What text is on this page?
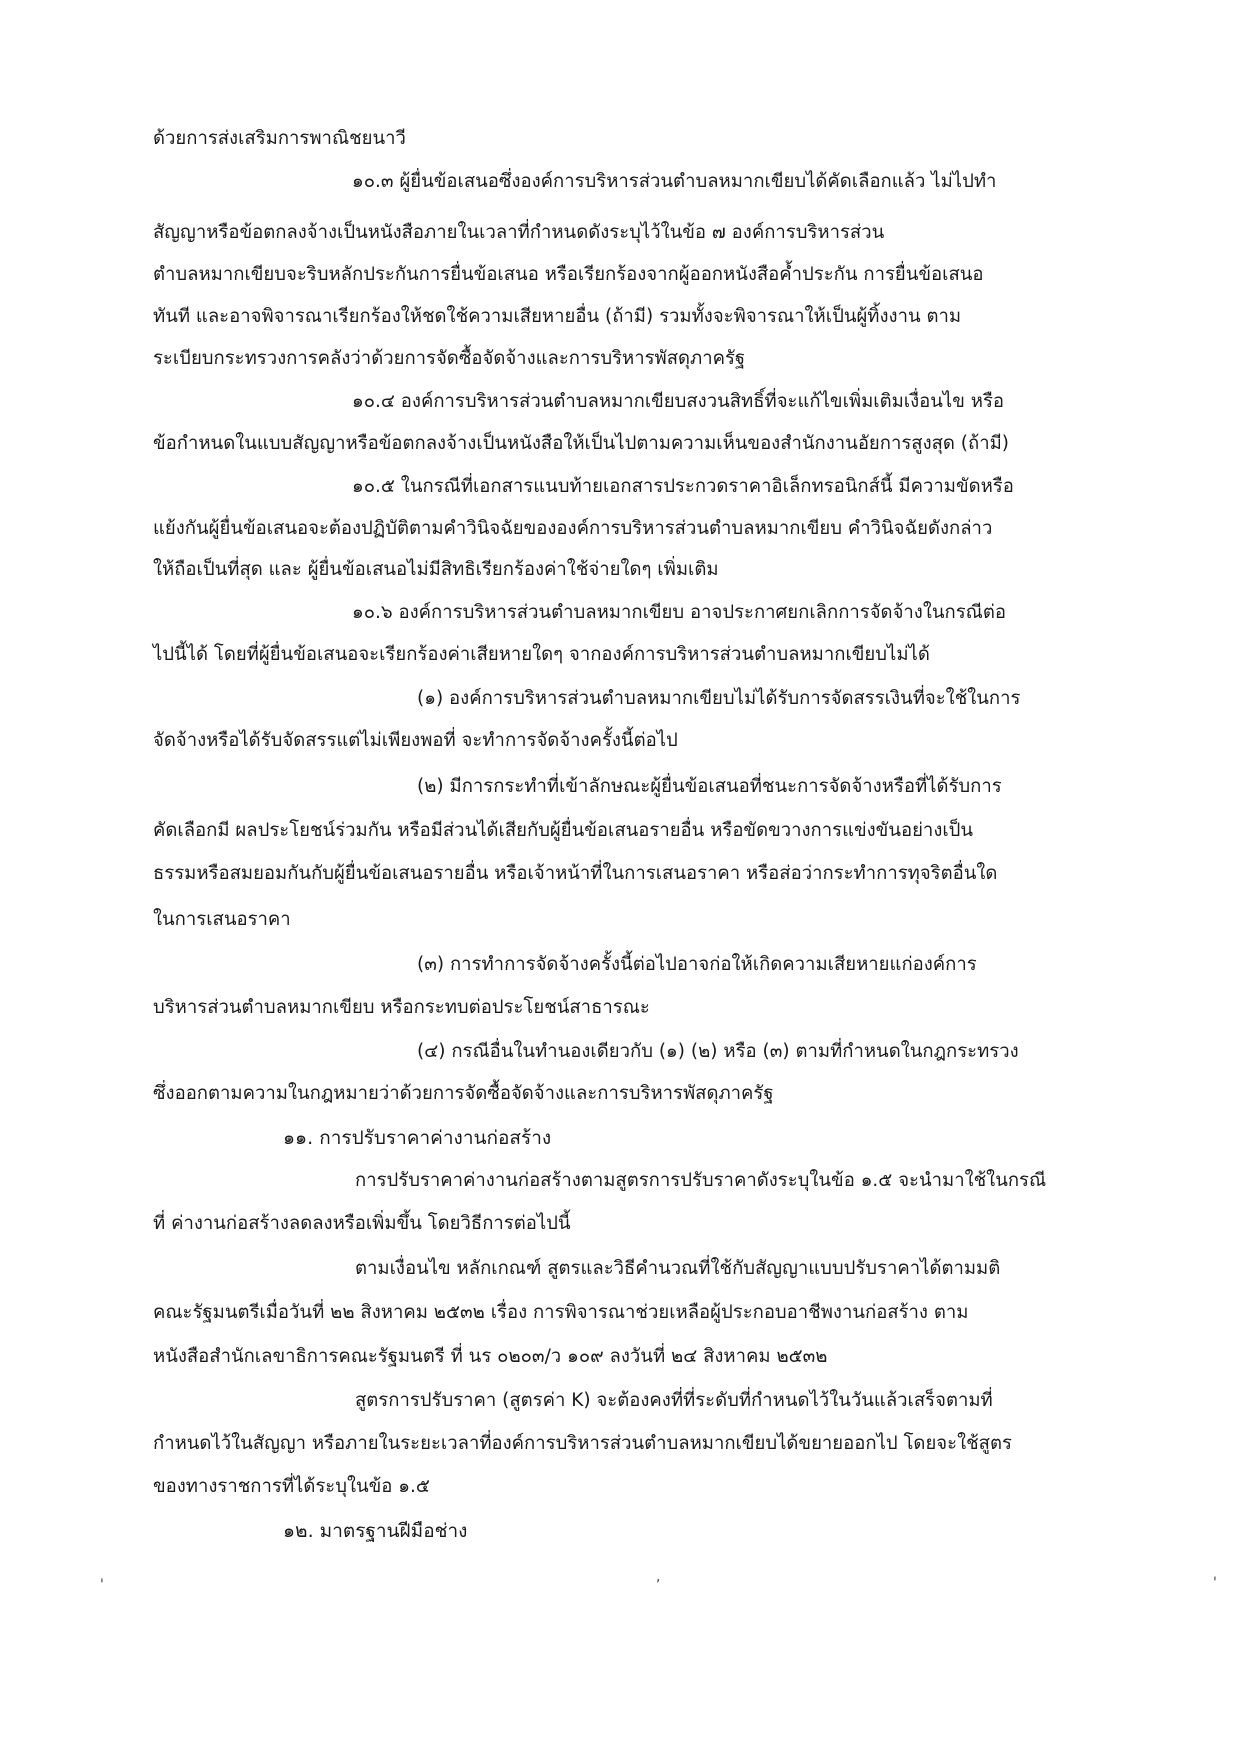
ด้วยการส่งเสริมการพาณิชยนาวี
๑๐.๓ ผู้ยื่นข้อเสนอซึ่งองค์การบริหารส่วนตำบลหมากเขียบได้คัดเลือกแล้ว ไม่ไปทำ
สัญญาหรือข้อตกลงจ้างเป็นหนังสือภายในเวลาที่กำหนดดังระบุไว้ในข้อ ๗ องค์การบริหารส่วน
ตำบลหมากเขียบจะริบหลักประกันการยื่นข้อเสนอ หรือเรียกร้องจากผู้ออกหนังสือค้ำประกัน การยื่นข้อเสนอ
ทันที และอาจพิจารณาเรียกร้องให้ชดใช้ความเสียหายอื่น (ถ้ามี) รวมทั้งจะพิจารณาให้เป็นผู้ทิ้งงาน ตาม
ระเบียบกระทรวงการคลังว่าด้วยการจัดซื้อจัดจ้างและการบริหารพัสดุภาครัฐ
๑๐.๔ องค์การบริหารส่วนตำบลหมากเขียบสงวนสิทธิ์ที่จะแก้ไขเพิ่มเติมเงื่อนไข หรือ
ข้อกำหนดในแบบสัญญาหรือข้อตกลงจ้างเป็นหนังสือให้เป็นไปตามความเห็นของสำนักงานอัยการสูงสุด (ถ้ามี)
๑๐.๕ ในกรณีที่เอกสารแนบท้ายเอกสารประกวดราคาอิเล็กทรอนิกส์นี้ มีความขัดหรือ
แย้งกันผู้ยื่นข้อเสนอจะต้องปฏิบัติตามคำวินิจฉัยขององค์การบริหารส่วนตำบลหมากเขียบ คำวินิจฉัยดังกล่าว
ให้ถือเป็นที่สุด และ ผู้ยื่นข้อเสนอไม่มีสิทธิเรียกร้องค่าใช้จ่ายใดๆ เพิ่มเติม
๑๐.๖ องค์การบริหารส่วนตำบลหมากเขียบ อาจประกาศยกเลิกการจัดจ้างในกรณีต่อ
ไปนี้ได้ โดยที่ผู้ยื่นข้อเสนอจะเรียกร้องค่าเสียหายใดๆ จากองค์การบริหารส่วนตำบลหมากเขียบไม่ได้
(๑) องค์การบริหารส่วนตำบลหมากเขียบไม่ได้รับการจัดสรรเงินที่จะใช้ในการ
จัดจ้างหรือได้รับจัดสรรแต่ไม่เพียงพอที่ จะทำการจัดจ้างครั้งนี้ต่อไป
(๒) มีการกระทำที่เข้าลักษณะผู้ยื่นข้อเสนอที่ชนะการจัดจ้างหรือที่ได้รับการ
คัดเลือกมี ผลประโยชน์ร่วมกัน หรือมีส่วนได้เสียกับผู้ยื่นข้อเสนอรายอื่น หรือขัดขวางการแข่งขันอย่างเป็น
ธรรมหรือสมยอมกันกับผู้ยื่นข้อเสนอรายอื่น หรือเจ้าหน้าที่ในการเสนอราคา หรือส่อว่ากระทำการทุจริตอื่นใด
ในการเสนอราคา
(๓) การทำการจัดจ้างครั้งนี้ต่อไปอาจก่อให้เกิดความเสียหายแก่องค์การ
บริหารส่วนตำบลหมากเขียบ หรือกระทบต่อประโยชน์สาธารณะ
(๔) กรณีอื่นในทำนองเดียวกับ (๑) (๒) หรือ (๓) ตามที่กำหนดในกฎกระทรวง
ซึ่งออกตามความในกฎหมายว่าด้วยการจัดซื้อจัดจ้างและการบริหารพัสดุภาครัฐ
๑๑. การปรับราคาค่างานก่อสร้าง
การปรับราคาค่างานก่อสร้างตามสูตรการปรับราคาดังระบุในข้อ ๑.๕ จะนำมาใช้ในกรณี
ที่ ค่างานก่อสร้างลดลงหรือเพิ่มขึ้น โดยวิธีการต่อไปนี้
ตามเงื่อนไข หลักเกณฑ์ สูตรและวิธีคำนวณที่ใช้กับสัญญาแบบปรับราคาได้ตามมติ
คณะรัฐมนตรีเมื่อวันที่ ๒๒ สิงหาคม ๒๕๓๒ เรื่อง การพิจารณาช่วยเหลือผู้ประกอบอาชีพงานก่อสร้าง ตาม
หนังสือสำนักเลขาธิการคณะรัฐมนตรี ที่ นร ๐๒๐๓/ว ๑๐๙ ลงวันที่ ๒๔ สิงหาคม ๒๕๓๒
สูตรการปรับราคา (สูตรค่า K) จะต้องคงที่ที่ระดับที่กำหนดไว้ในวันแล้วเสร็จตามที่
กำหนดไว้ในสัญญา หรือภายในระยะเวลาที่องค์การบริหารส่วนตำบลหมากเขียบได้ขยายออกไป โดยจะใช้สูตร
ของทางราชการที่ได้ระบุในข้อ ๑.๕
๑๒. มาตรฐานฝีมือช่าง
,
'	'
